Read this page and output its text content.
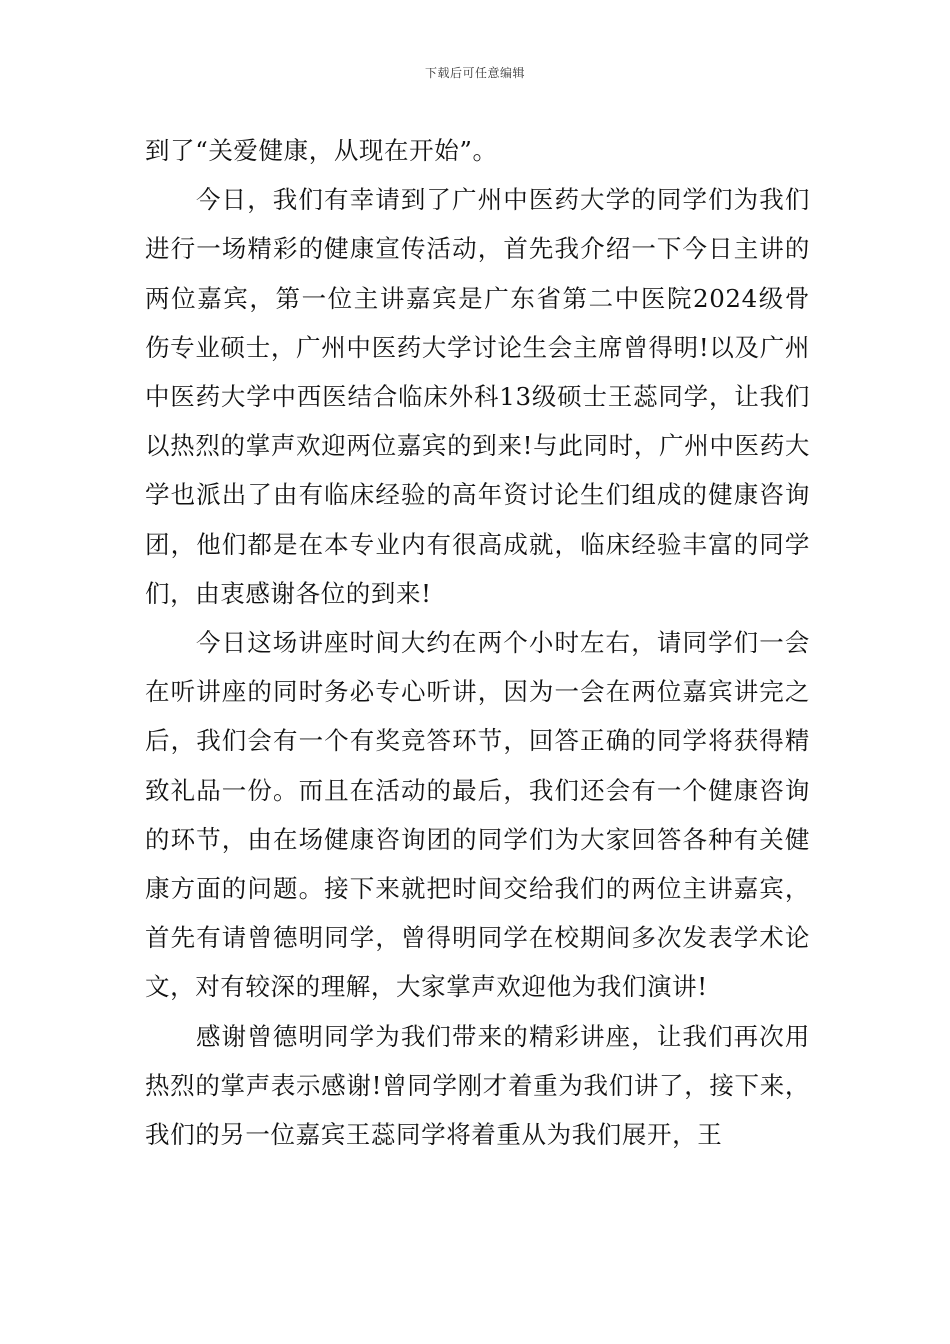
下载后可任意编辑

到了“关爱健康，从现在开始”。

今日，我们有幸请到了广州中医药大学的同学们为我们进行一场精彩的健康宣传活动，首先我介绍一下今日主讲的两位嘉宾，第一位主讲嘉宾是广东省第二中医院2024级骨伤专业硕士，广州中医药大学讨论生会主席曾得明!以及广州中医药大学中西医结合临床外科13级硕士王蕊同学，让我们以热烈的掌声欢迎两位嘉宾的到来!与此同时，广州中医药大学也派出了由有临床经验的高年资讨论生们组成的健康咨询团，他们都是在本专业内有很高成就，临床经验丰富的同学们，由衷感谢各位的到来!

今日这场讲座时间大约在两个小时左右，请同学们一会在听讲座的同时务必专心听讲，因为一会在两位嘉宾讲完之后，我们会有一个有奖竞答环节，回答正确的同学将获得精致礼品一份。而且在活动的最后，我们还会有一个健康咨询的环节，由在场健康咨询团的同学们为大家回答各种有关健康方面的问题。接下来就把时间交给我们的两位主讲嘉宾，首先有请曾德明同学，曾得明同学在校期间多次发表学术论文，对有较深的理解，大家掌声欢迎他为我们演讲!

感谢曾德明同学为我们带来的精彩讲座，让我们再次用热烈的掌声表示感谢!曾同学刚才着重为我们讲了，接下来，我们的另一位嘉宾王蕊同学将着重从为我们展开，王
